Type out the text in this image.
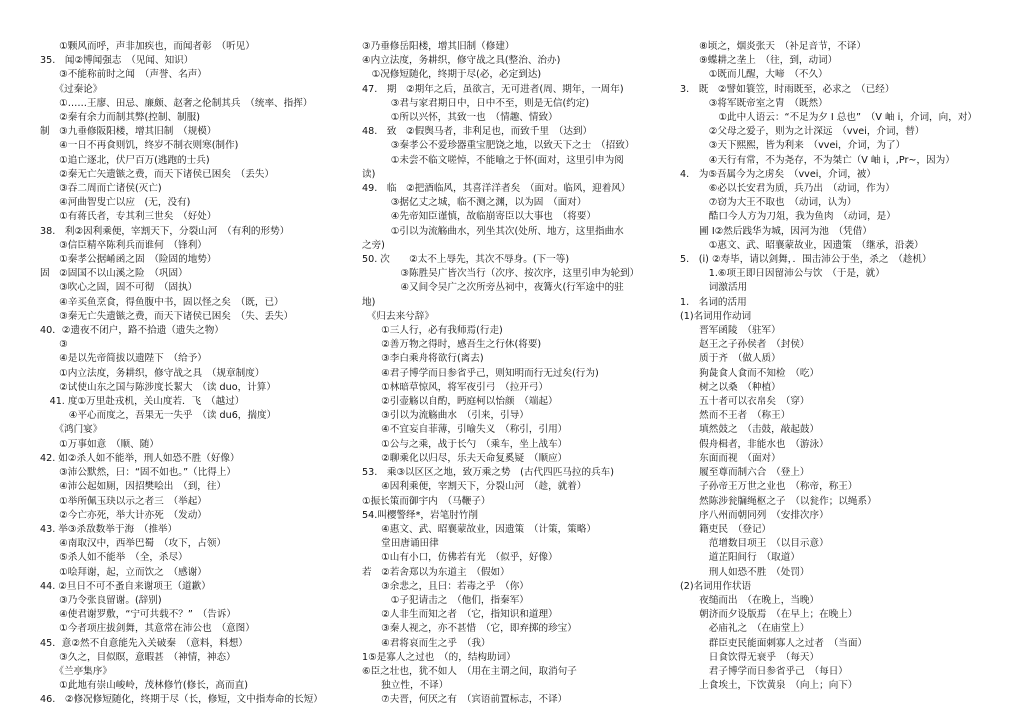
　　①颗风而呼，声非加疾也，而闻者彰　（听见）
35.　闻②博闻强志　（见闻、知识）
　　③不能称前时之闻　（声誉、名声）
　　《过秦论》
　　①……王廖、田忌、廉颇、赵奢之伦制其兵　（统率、指挥）
　　②秦有余力而制其弊(控制、制服)
制　③九垂修阪阳楼，增其旧制　（规模）
　　④一日不再食则饥，终岁不制衣则寒(制作)
　　①追亡逐北，伏尸百万(逃跑的士兵)
　　②秦无亡矢遗镞之费，而天下诸侯已困矣　（丢失）
　　③吞二周而亡诸侯(灭亡)
　　④河曲智叟亡以应　(无，没有)
　　①有蒋氏者，专其利三世矣　（好处）
38.　利②因利乘便，宰割天下，分裂山河　（有利的形势）
　　③信臣精卒陈利兵而谁何　（锋利）
　　①秦孝公据崤函之固　（险固的地势）
固　②固国不以山溪之险　（巩固）
　　③吹心之固，固不可彻　（固执）
　　④辛买鱼烹食，得鱼腹中书，固以怪之矣　（既，已）
　　③秦无亡失遗镞之费，而天下诸侯已困矣　（失、丢失）
40．②遗夜不闭户，路不拾遗（遗失之物）
　　③
　　④是以先帝简拔以遗陛下　（给予）
　　①内立法度，务耕织，修守战之具　（规章制度）
　　②试使山东之国与陈涉度长絜大　（读 duo，计算）
　41. 度①万里赴戎机，关山度若．飞　（越过）
　　　④平心而度之，吾果无一失乎　（读 du6，揣度）
　　《鸿门宴》
　　①万事如意　（顺、随）
42. 如②杀人如不能举，刑人如恐不胜（好像）
　　③沛公默然，曰：“固不如也。”（比得上）
　　④沛公起如厕，因招樊哙出　（到，往）
　　①举所佩玉玦以示之者三　（举起）
　　②今亡亦死，举大计亦死　（发动）
43. 举③杀敌数举于海　（推举）
　　④南取汉中，西举巴蜀　（攻下，占领）
　　⑤杀人如不能举　（全，杀尽）
　　①哙拜谢，起，立而饮之　（感谢）
44. ②旦日不可不蚤自来谢项王（道歉）
　　③乃令张良留谢。(辞别)
　　④使君谢罗敷，“宁可共载不？”　（告诉）
　　①今者项庄拔剑舞，其意常在沛公也　（意图）
45．意②然不自意能先入关破秦　（意料，料想）
　　③久之，目似瞑，意暇甚　（神情，神态）
　　《兰亭集序》
　　①此地有崇山峻岭，茂林修竹(修长，高而直)
46.　②修况修短随化，终期于尽（长，修短，文中指寿命的长短）
③乃垂修岳阳楼，增其旧制（修建）
④内立法度，务耕织，修守战之具(整治、治办)
　①况修短随化，终期于尽(必，必定到达)
47.　期　②期年之后，虽欲言，无可进者(周、期年，一周年)
　　　③君与家君期日中，日中不至，则是无信(约定)
　　　①所以兴怀，其致一也　（情趣、情致）
48.　致　②假舆马者，非利足也，而致千里　（达到）
　　　③秦孝公不爱珍器重宝肥饶之地，以致天下之士　（招致）
　　　①未尝不临文嗟悼，不能喻之于怀(面对，这里引申为阅
读)
49.　临　②把酒临风，其喜洋洋者矣　（面对。临风，迎着风）
　　　③据亿丈之城，临不测之渊，以为固　（面对）
　　　④先帝知臣谨慎，故临崩寄臣以大事也　（将要）
　　　①引以为流觞曲水，列坐其次(处所、地方，这里指曲水
之旁)
50. 次　　②太不上辱先，其次不辱身。(下一等)
　　　　③陈胜吴广皆次当行（次序、按次序，这里引申为轮到）
　　　　④又间令吴广之次所旁丛祠中，夜篝火(行军途中的驻
地)
　《归去来兮辞》
　　①三人行，必有我师焉(行走)
　　②善万物之得时，感吾生之行休(将要)
　　③李白乘舟将欲行(离去)
　　④君子博学而日参省乎己，则知明而行无过矣(行为)
　　①林暗草惊风，将军夜引弓　（拉开弓）
　　②引壶觞以自酌，眄庭柯以怡颜　（端起）
　　③引以为流觞曲水　（引来，引导）
　　④不宜妄自菲薄，引喻失义　（称引，引用）
　　①公与之乘，战于长勺　（乘车，坐上战车）
　　②聊乘化以归尽，乐夫天命复奚疑　（顺应）
53.　乘③以区区之地，致万乘之势　(古代四匹马拉的兵车)
　　④因利乘便，宰割天下，分裂山河　（趁，就着）
①振长策而御宇内　（马鞭子）
54.叫樱警绎*，岩笔肘竹削
　　④惠文、武、昭襄蒙故业，因遗策　（计策，策略）
　　堂田唐诵田律
　　①山有小口，仿佛若有光　（似乎，好像）
若　②若舍郑以为东道主　（假如）
　　③余悲之，且曰：若毒之乎　（你）
　　　①子犯请击之　（他们，指秦军）
　　②人非生而知之者　（它，指知识和道理）
　　③秦人视之，亦不甚惜　（它，即弃掷的珍宝）
　　④君将哀而生之乎　（我）
1⑤是寡人之过也　（的，结构助词）
⑥臣之壮也，犹不如人　（用在主谓之间，取消句子
　　独立性，不译）
　　⑦夫晋，何厌之有　（宾语前置标志，不译）
　　⑧顷之，烟炎张天　（补足音节，不译）
　　⑨蝶耕之垄上　（往，到，动词）
　　　①既而儿醒，大啼　（不久）
3.　既　②譬如簑笠，时雨既至，必求之　（已经）
　　　③将军既帝室之胄　（既然）
　　　　①此中人语云：“不足为夕 I 总也”　（V 岫 i，介词，向，对）
　　　②父母之爱子，则为之计深远　（vvei，介词，替）
　　　③天下熙熙，皆为利来　（vvei，介词，为了）
　　　④天行有常，不为尧存，不为桀亡（V 岫 i，,Pr~，因为）
4.　为⑤吾属今为之虏矣　（vvei，介词，被）
　　　⑥必以长安君为质，兵乃出　（动词，作为）
　　　⑦窃为大王不取也　（动词，认为）
　　　酷口今人方为刀俎，我为鱼肉　（动词，是）
　　圃 I②然后践华为城，因河为池　（凭借）
　　　①惠文、武、昭襄蒙故业，因遗策　（继承，沿袭）
5.　(i) ②寿毕，请以剑舞，．围击沛公于坐，杀之　（趁机）
　　　1.⑥项王即日因留沛公与饮　（于是，就）
　　　词激活用
1.　名词的活用
(1)名词用作动词
　　晋军函陵　（驻军）
　　赵王之子孙侯者　（封侯）
　　质于齐　（做人质）
　　狗彘食人食而不知检　（吃）
　　树之以桑　（种植）
　　五十者可以衣帛矣　（穿）
　　然而不王者　（称王）
　　填然鼓之　（击鼓，敲起鼓）
　　假舟楫者，非能水也　（游泳）
　　东面而视　（面对）
　　履至尊而制六合　（登上）
　　子孙帝王万世之业也　（称帝，称王）
　　然陈涉瓮牖绳枢之子　（以瓮作；以绳系）
　　序八州而朝同列　（安排次序）
　　籍吏民　（登记）
　　　范增数目项王　（以目示意）
　　　道芷阳间行　（取道）
　　　刑人如恐不胜　（处罚）
(2)名词用作状语
　　夜缒而出　（在晚上，当晚）
　　朝济而夕设版焉　（在早上；在晚上）
　　　必庙礼之　（在庙堂上）
　　　群臣吏民能面刺寡人之过者　（当面）
　　　日食饮得无衰乎　（每天）
　　　君子博学而日参省乎己　（每日）
　　上食埃土，下饮黄泉　（向上；向下）
